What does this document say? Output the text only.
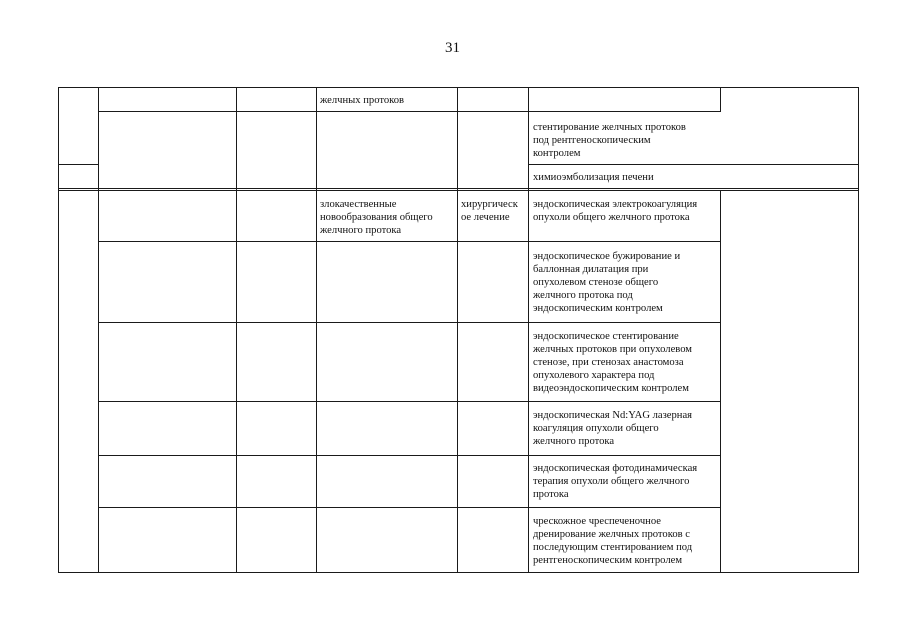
31
желчных протоков
стентирование желчных протоков
под рентгеноскопическим
контролем
химиоэмболизация печени
злокачественные
новообразования общего
желчного протока
хирургическ
ое лечение
эндоскопическая электрокоагуляция
опухоли общего желчного протока
эндоскопическое бужирование и
баллонная дилатация при
опухолевом стенозе общего
желчного протока под
эндоскопическим контролем
эндоскопическое стентирование
желчных протоков при опухолевом
стенозе, при стенозах анастомоза
опухолевого характера под
видеоэндоскопическим контролем
эндоскопическая Nd:YAG лазерная
коагуляция опухоли общего
желчного протока
эндоскопическая фотодинамическая
терапия опухоли общего желчного
протока
чрескожное чреспеченочное
дренирование желчных протоков с
последующим стентированием под
рентгеноскопическим контролем
